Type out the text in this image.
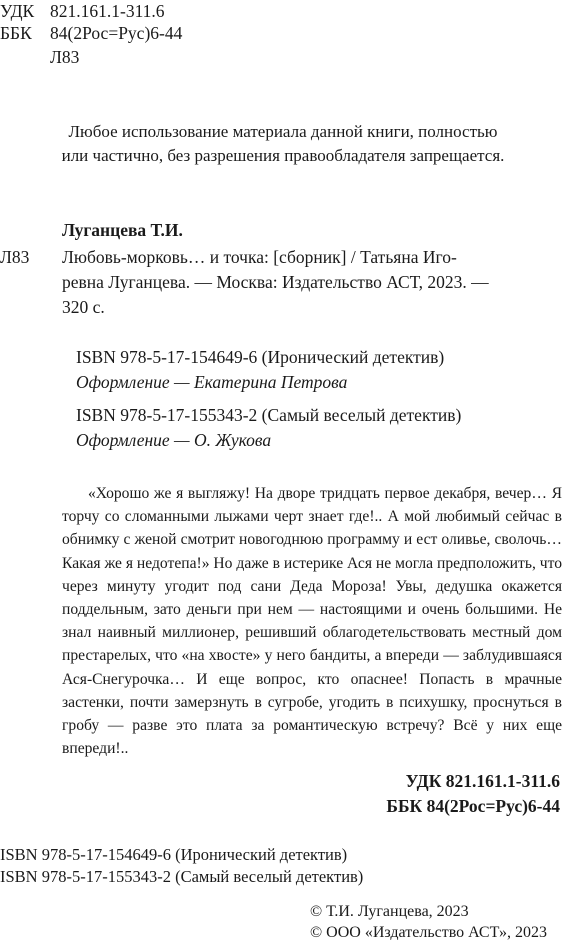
УДК 821.161.1-311.6
ББК 84(2Рос=Рус)6-44
Л83
Любое использование материала данной книги, полностью
или частично, без разрешения правообладателя запрещается.
Луганцева Т.И.
Л83 Любовь-морковь… и точка: [сборник] / Татьяна Иго-
ревна Луганцева. — Москва: Издательство АСТ, 2023. —
320 с.
ISBN 978-5-17-154649-6 (Иронический детектив)
Оформление — Екатерина Петрова
ISBN 978-5-17-155343-2 (Самый веселый детектив)
Оформление — О. Жукова

«Хорошо же я выгляжу! На дворе тридцать первое декабря, вечер… Я торчу со сломанными лыжами черт знает где!.. А мой любимый сейчас в обнимку с женой смотрит новогоднюю программу и ест оливье, сволочь… Какая же я недотепа!» Но даже в истерике Ася не могла предположить, что через минуту угодит под сани Деда Мороза! Увы, дедушка окажется поддельным, зато деньги при нем — настоящими и очень большими. Не знал наивный миллионер, решивший облагодетельствовать местный дом престарелых, что «на хвосте» у него бандиты, а впереди — заблудившаяся Ася-Снегурочка… И еще вопрос, кто опаснее! Попасть в мрачные застенки, почти замерзнуть в сугробе, угодить в психушку, проснуться в гробу — разве это плата за романтическую встречу? Всё у них еще впереди!..

УДК 821.161.1-311.6
ББК 84(2Рос=Рус)6-44
ISBN 978-5-17-154649-6 (Иронический детектив)
ISBN 978-5-17-155343-2 (Самый веселый детектив)
© Т.И. Луганцева, 2023
© ООО «Издательство АСТ», 2023
